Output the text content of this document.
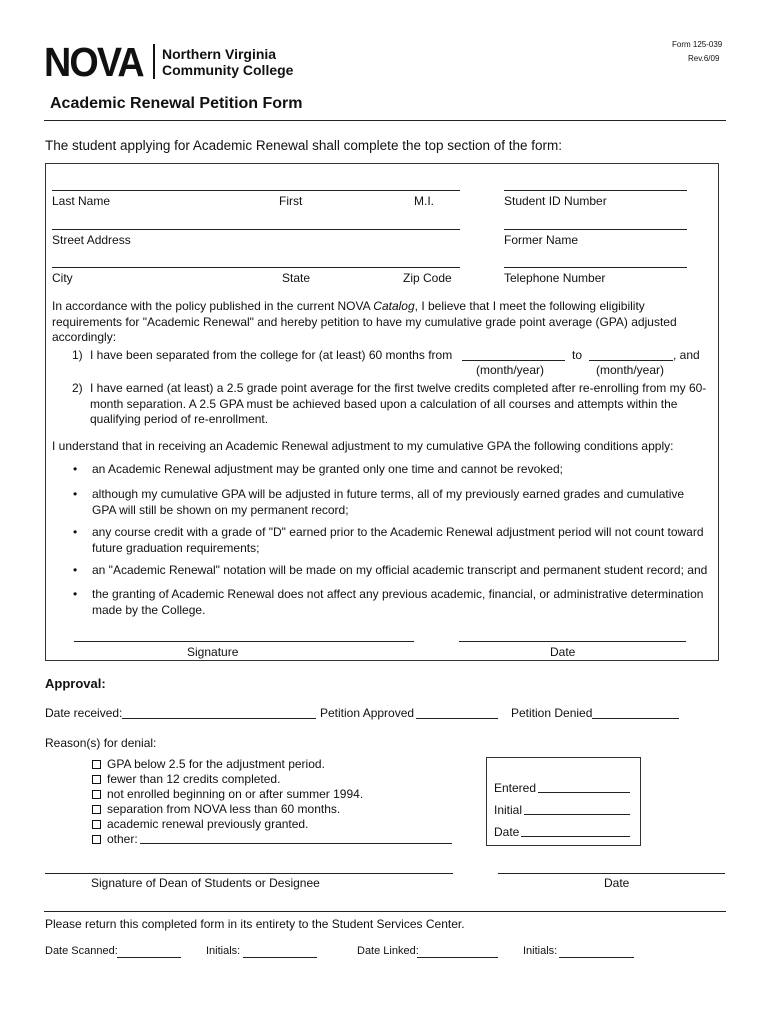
NOVA Northern Virginia
Community College
Form 125-039
Rev.6/09
Academic Renewal Petition Form
The student applying for Academic Renewal shall complete the top section of the form:
Last Name	First	M.I.	Student ID Number
Street Address	Former Name
City	State	Zip Code	Telephone Number
In accordance with the policy published in the current NOVA Catalog, I believe that I meet the following eligibility requirements for "Academic Renewal" and hereby petition to have my cumulative grade point average (GPA) adjusted accordingly:
1) I have been separated from the college for (at least) 60 months from	to	, and
(month/year)	(month/year)
2) I have earned (at least) a 2.5 grade point average for the first twelve credits completed after re-enrolling from my 60-month separation. A 2.5 GPA must be achieved based upon a calculation of all courses and attempts within the qualifying period of re-enrollment.
I understand that in receiving an Academic Renewal adjustment to my cumulative GPA the following conditions apply:
• an Academic Renewal adjustment may be granted only one time and cannot be revoked;
• although my cumulative GPA will be adjusted in future terms, all of my previously earned grades and cumulative GPA will still be shown on my permanent record;
• any course credit with a grade of "D" earned prior to the Academic Renewal adjustment period will not count toward future graduation requirements;
• an "Academic Renewal" notation will be made on my official academic transcript and permanent student record; and
• the granting of Academic Renewal does not affect any previous academic, financial, or administrative determination made by the College.
Signature	Date
Approval:
Date received:	Petition Approved	Petition Denied
Reason(s) for denial:
GPA below 2.5 for the adjustment period.
fewer than 12 credits completed.
not enrolled beginning on or after summer 1994.
separation from NOVA less than 60 months.
academic renewal previously granted.
other:
Entered
Initial
Date
Signature of Dean of Students or Designee	Date
Please return this completed form in its entirety to the Student Services Center.
Date Scanned:	Initials:	Date Linked:	Initials:
